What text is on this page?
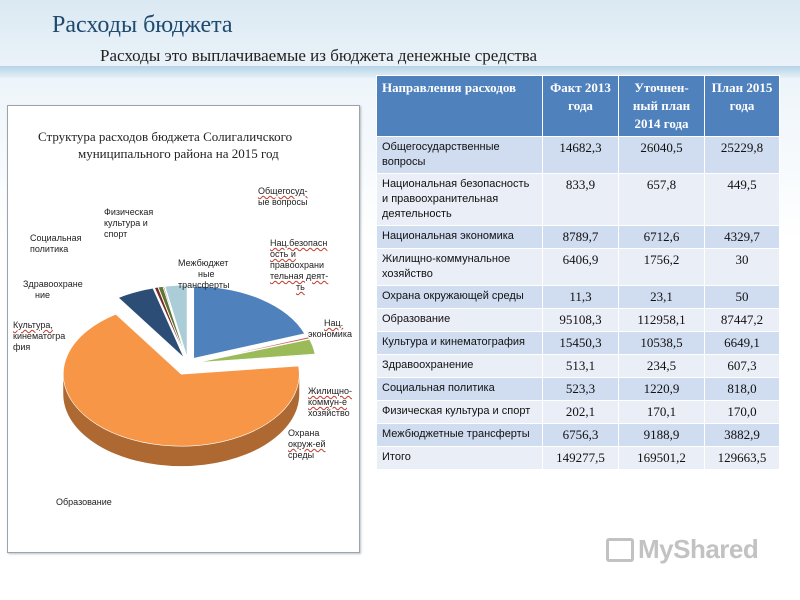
Расходы бюджета
Расходы это выплачиваемые из бюджета денежные средства
Структура расходов бюджета Солигаличского
муниципального района на 2015 год
Общегосуд-
ые вопросы
Нац.безопасн
ость и
правоохрани
тельная деят-
ть
Нац.
экономика
Жилищно-
коммун-е
хозяйство
Охрана
окруж-ей
среды
Образование
Культура,
кинематогра
фия
Здравоохране
ние
Социальная
политика
Физическая
культура и
спорт
Межбюджет
ные
трансферты
Направления расходов	Факт 2013 года	Уточнен-ный план 2014 года	План 2015 года
Общегосударственные вопросы	14682,3	26040,5	25229,8
Национальная безопасность и правоохранительная деятельность	833,9	657,8	449,5
Национальная экономика	8789,7	6712,6	4329,7
Жилищно-коммунальное хозяйство	6406,9	1756,2	30
Охрана окружающей среды	11,3	23,1	50
Образование	95108,3	112958,1	87447,2
Культура и кинематография	15450,3	10538,5	6649,1
Здравоохранение	513,1	234,5	607,3
Социальная политика	523,3	1220,9	818,0
Физическая культура и спорт	202,1	170,1	170,0
Межбюджетные трансферты	6756,3	9188,9	3882,9
Итого	149277,5	169501,2	129663,5
MyShared
